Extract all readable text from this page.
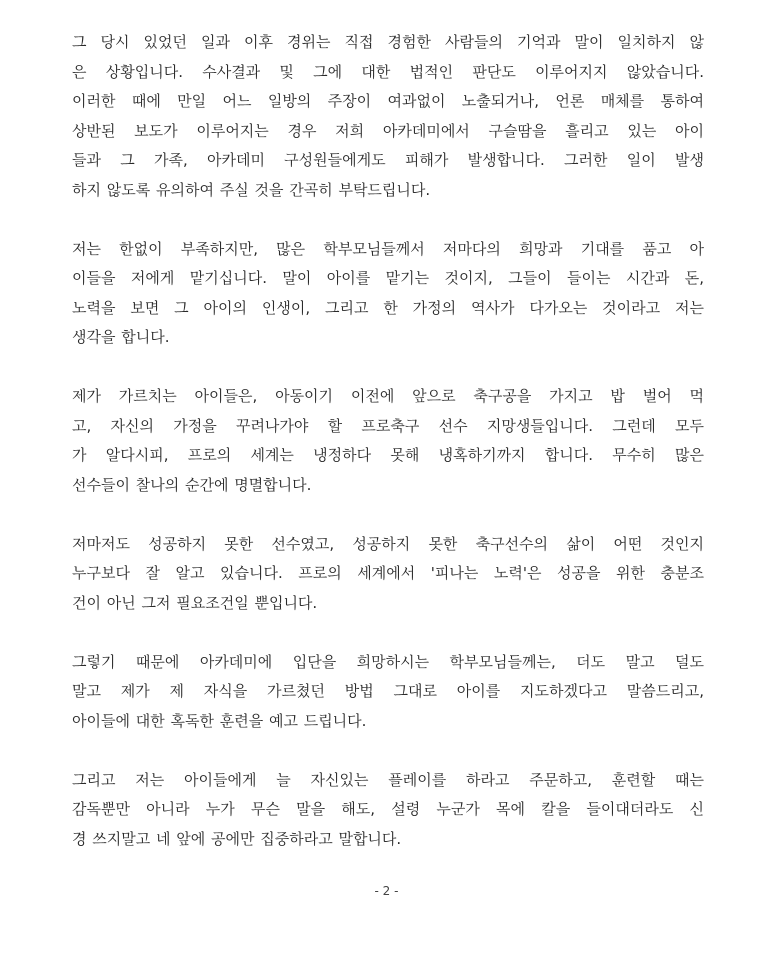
그 당시 있었던 일과 이후 경위는 직접 경험한 사람들의 기억과 말이 일치하지 않
은 상황입니다. 수사결과 및 그에 대한 법적인 판단도 이루어지지 않았습니다.
이러한 때에 만일 어느 일방의 주장이 여과없이 노출되거나, 언론 매체를 통하여
상반된 보도가 이루어지는 경우 저희 아카데미에서 구슬땀을 흘리고 있는 아이
들과 그 가족, 아카데미 구성원들에게도 피해가 발생합니다. 그러한 일이 발생
하지 않도록 유의하여 주실 것을 간곡히 부탁드립니다.
저는 한없이 부족하지만, 많은 학부모님들께서 저마다의 희망과 기대를 품고 아
이들을 저에게 맡기십니다. 말이 아이를 맡기는 것이지, 그들이 들이는 시간과 돈,
노력을 보면 그 아이의 인생이, 그리고 한 가정의 역사가 다가오는 것이라고 저는
생각을 합니다.
제가 가르치는 아이들은, 아동이기 이전에 앞으로 축구공을 가지고 밥 벌어 먹
고, 자신의 가정을 꾸려나가야 할 프로축구 선수 지망생들입니다. 그런데 모두
가 알다시피, 프로의 세계는 냉정하다 못해 냉혹하기까지 합니다. 무수히 많은
선수들이 찰나의 순간에 명멸합니다.
저마저도 성공하지 못한 선수였고, 성공하지 못한 축구선수의 삶이 어떤 것인지
누구보다 잘 알고 있습니다. 프로의 세계에서 '피나는 노력'은 성공을 위한 충분조
건이 아닌 그저 필요조건일 뿐입니다.
그렇기 때문에 아카데미에 입단을 희망하시는 학부모님들께는, 더도 말고 덜도
말고 제가 제 자식을 가르쳤던 방법 그대로 아이를 지도하겠다고 말씀드리고,
아이들에 대한 혹독한 훈련을 예고 드립니다.
그리고 저는 아이들에게 늘 자신있는 플레이를 하라고 주문하고, 훈련할 때는
감독뿐만 아니라 누가 무슨 말을 해도, 설령 누군가 목에 칼을 들이대더라도 신
경 쓰지말고 네 앞에 공에만 집중하라고 말합니다.
- 2 -
